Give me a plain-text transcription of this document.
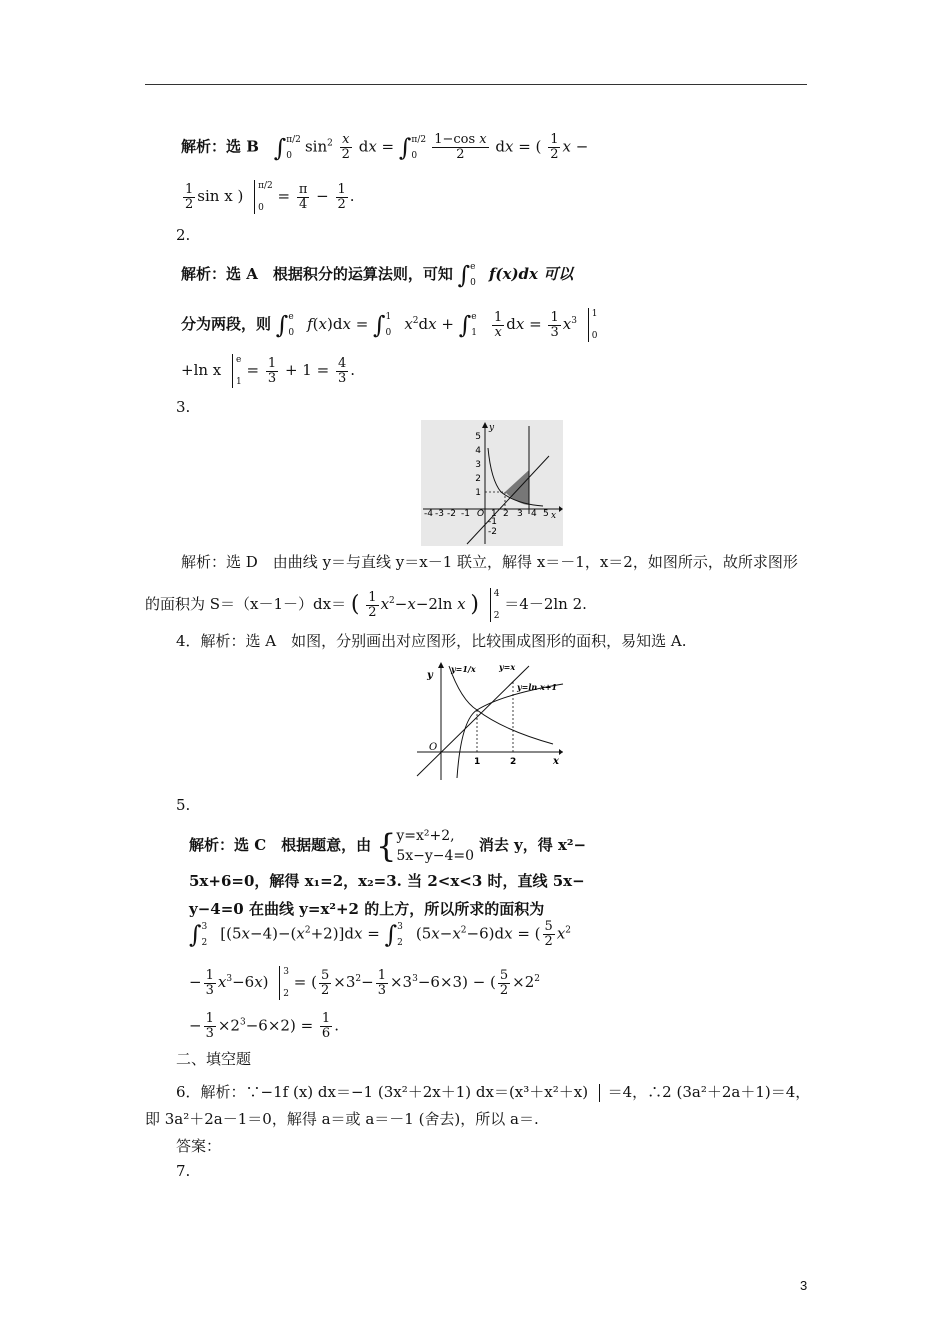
解析：选 B ∫ π/2
0 $\sin^2 \frac{x}{2}$ dx = ∫ π/2
0
	$\frac{\text{1−cos x}}{2}$ dx = ( $\frac{1}{2}$ x −
$\frac{1}{2}$ sin x )
π/2
0
= $\frac{\pi}{4} - \frac{1}{2}$ .
2.
解析：选 A　根据积分的运算法则，可知 ∫ e
0 f(x)dx 可以
分为两段，则 ∫ e
0 f(x)dx = ∫ 1
0 $x^2dx$ + ∫ e
1
	$\frac{1}{x}$ dx = $\frac{1}{3} x^3$
1
0
+ln x
e
1
= $\frac{1}{3} + 1 = \frac{4}{3}$ .
3.
y
x
5
4
3
2
1
-1
-2
-4 -3 -2 -1 O 1 2 3 4 5
解析：选 D　由曲线 y＝与直线 y＝x－1 联立，解得 x＝－1，x＝2，如图所示，故所求图形
的面积为 S＝（x－1－）dx＝ ( $\frac{1}{2} x^2-x-2\ln$ x ) 4
2
＝4－2ln 2.
4．解析：选 A　如图，分别画出对应图形，比较围成图形的面积，易知选 A.
y
x
O
y=1/x	y=x
y=ln x+1
1	2
5.
解析：选 C　根据题意，由 { y=x²+2,
5x−y−4=0
消去 y，得 x²−
5x+6=0，解得 x₁=2，x₂=3. 当 2<x<3 时，直线 5x−
y−4=0 在曲线 y=x²+2 的上方，所以所求的面积为
∫ 3
2 $[(5x-4)-(x^2+2)]dx$ = ∫ 3
2 $(5x-x^2-6)dx$ = ( $\frac{5}{2} x^2$
− $\frac{1}{3} x^3-6x$)
3
2
= ( $\frac{5}{2} \times 3^2- \frac{1}{3} \times 3^3-6\times 3$) − ( $\frac{5}{2} \times 2^2$
− $\frac{1}{3} \times 2^3-6\times 2) = \frac{1}{6}$ .
二、填空题
6．解析：∵−1f (x) dx＝−1 (3x²＋2x＋1) dx＝(x³＋x²＋x) ＝4，∴2 (3a²＋2a＋1)＝4，
即 3a²＋2a－1＝0，解得 a＝或 a＝－1 (舍去)，所以 a＝.
答案：
7.
3
